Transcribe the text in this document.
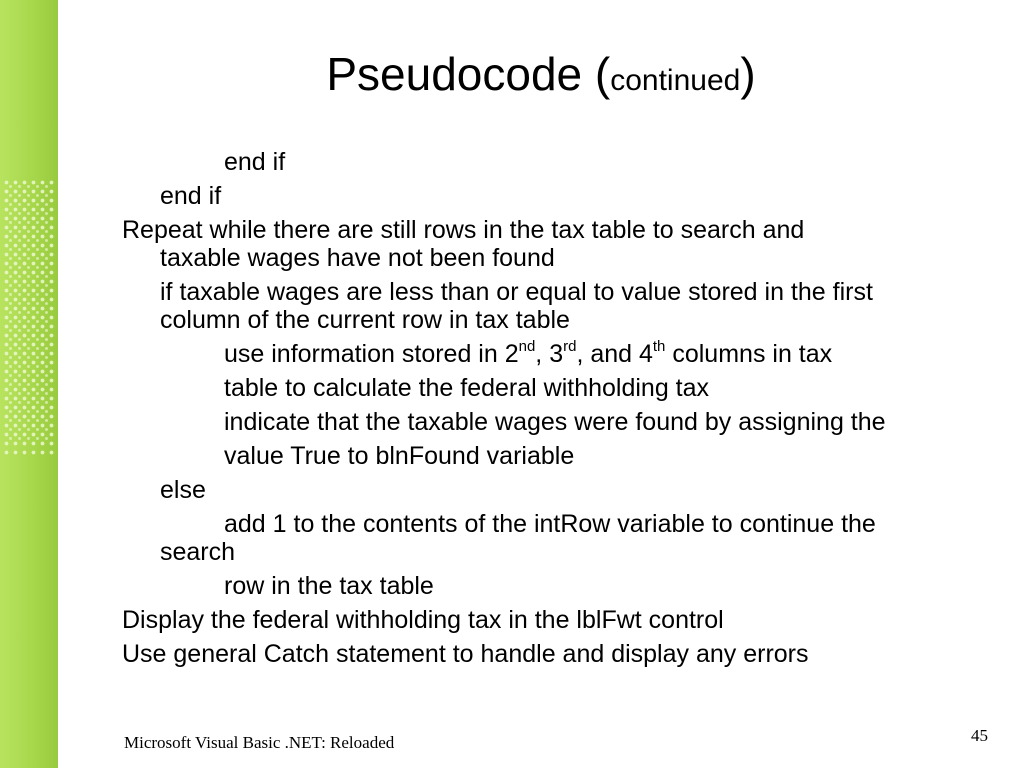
Pseudocode (continued)
end if
end if
Repeat while there are still rows in the tax table to search and
taxable wages have not been found
if taxable wages are less than or equal to value stored in the first
column of the current row in tax table
use information stored in 2nd, 3rd, and 4th columns in tax
table to calculate the federal withholding tax
indicate that the taxable wages were found by assigning the
value True to blnFound variable
else
add 1 to the contents of the intRow variable to continue the
search
row in the tax table
Display the federal withholding tax in the lblFwt control
Use general Catch statement to handle and display any errors
Microsoft Visual Basic .NET: Reloaded	45
